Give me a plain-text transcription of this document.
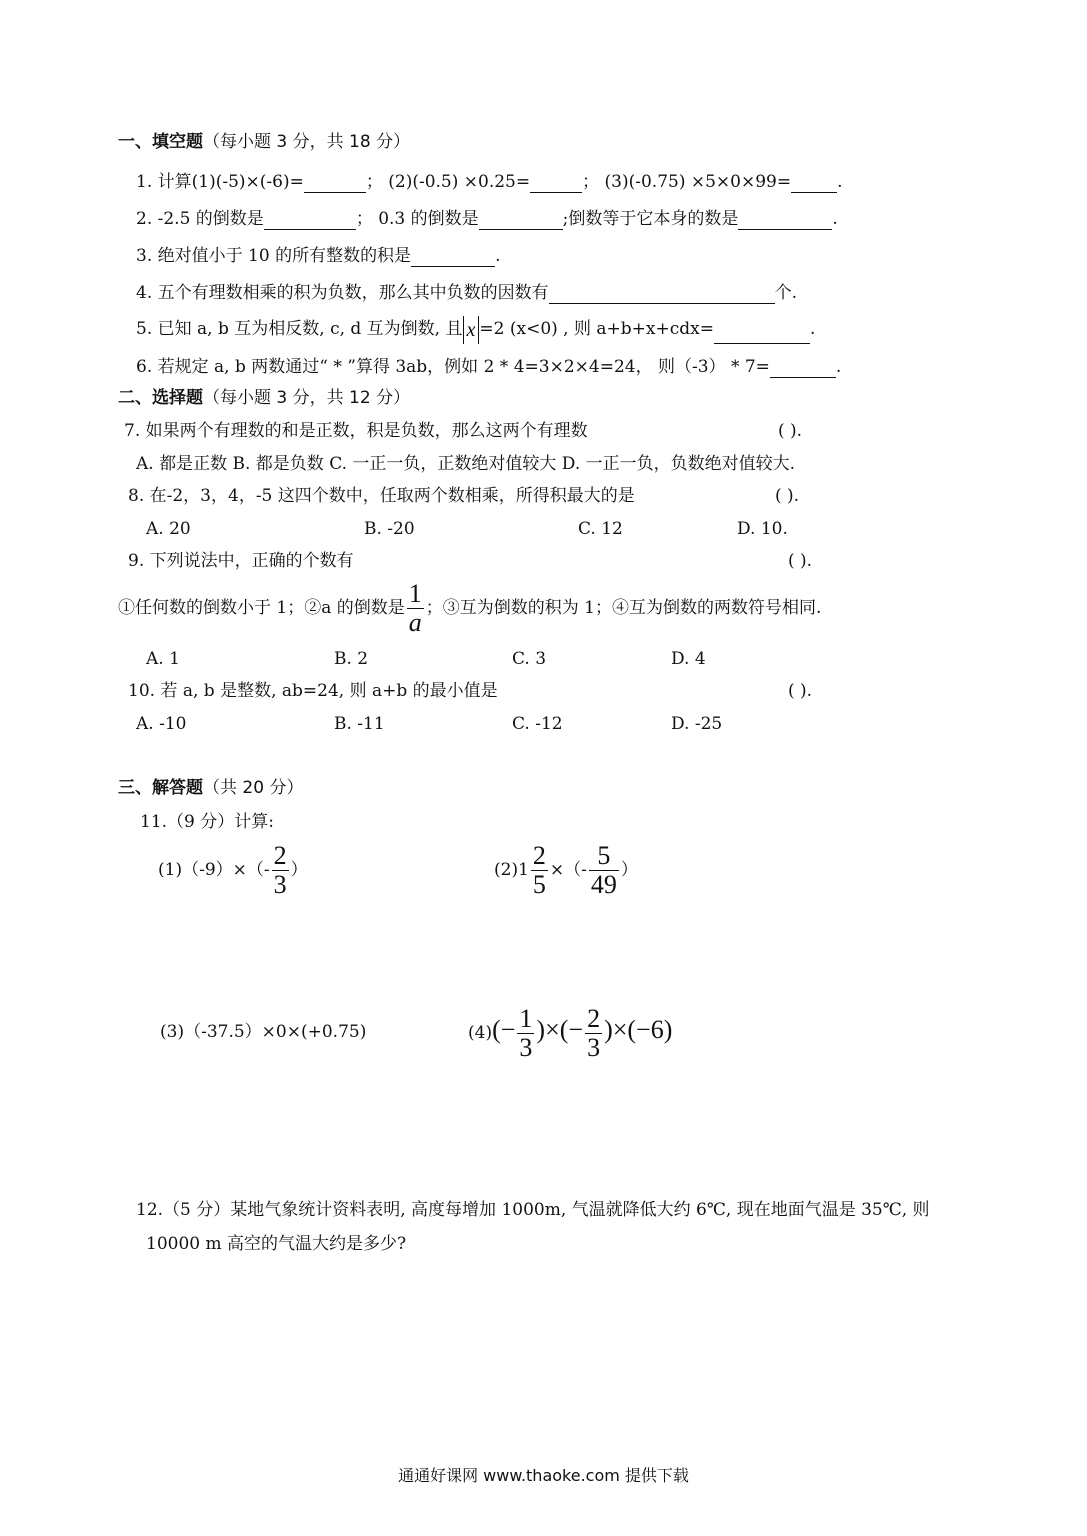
一、填空题（每小题 3 分，共 18 分）
1. 计算(1)(-5)×(-6)=	； (2)(-0.5) ×0.25=	； (3)(-0.75) ×5×0×99=	.
2. -2.5 的倒数是	； 0.3 的倒数是	;倒数等于它本身的数是	.
3. 绝对值小于 10 的所有整数的积是	.
4. 五个有理数相乘的积为负数，那么其中负数的因数有	个.
5. 已知 a, b 互为相反数, c, d 互为倒数, 且 x =2 (x<0) , 则 a+b+x+cdx=	.
6. 若规定 a, b 两数通过“ * ”算得 3ab，例如 2 * 4=3×2×4=24， 则（-3） * 7=	.
二、选择题（每小题 3 分，共 12 分）
7. 如果两个有理数的和是正数，积是负数，那么这两个有理数	( ).
A. 都是正数 B. 都是负数 C. 一正一负，正数绝对值较大 D. 一正一负，负数绝对值较大.
8. 在-2，3，4，-5 这四个数中，任取两个数相乘，所得积最大的是	( ).
A. 20	B. -20	C. 12	D. 10.
9. 下列说法中，正确的个数有	( ).
①任何数的倒数小于 1；②a 的倒数是 $\frac{1}{a}$ ；③互为倒数的积为 1；④互为倒数的两数符号相同.
A. 1	B. 2	C. 3	D. 4
10. 若 a, b 是整数, ab=24, 则 a+b 的最小值是	( ).
A. -10	B. -11	C. -12	D. -25
三、解答题（共 20 分）
11.（9 分）计算:
$(1)(-9)\times(- \frac{2}{3}$ ）	$(2)1 \frac{2}{5}$ ×（- $\frac{5}{49}$ ）
(3)（-37.5）×0×(+0.75)	$(4)(- \frac{1}{3}$ )×(− $\frac{2}{3} )\times(-6)$
12.（5 分）某地气象统计资料表明, 高度每增加 1000m, 气温就降低大约 6℃, 现在地面气温是 35℃, 则
10000 m 高空的气温大约是多少?
通通好课网 www.thaoke.com 提供下载
